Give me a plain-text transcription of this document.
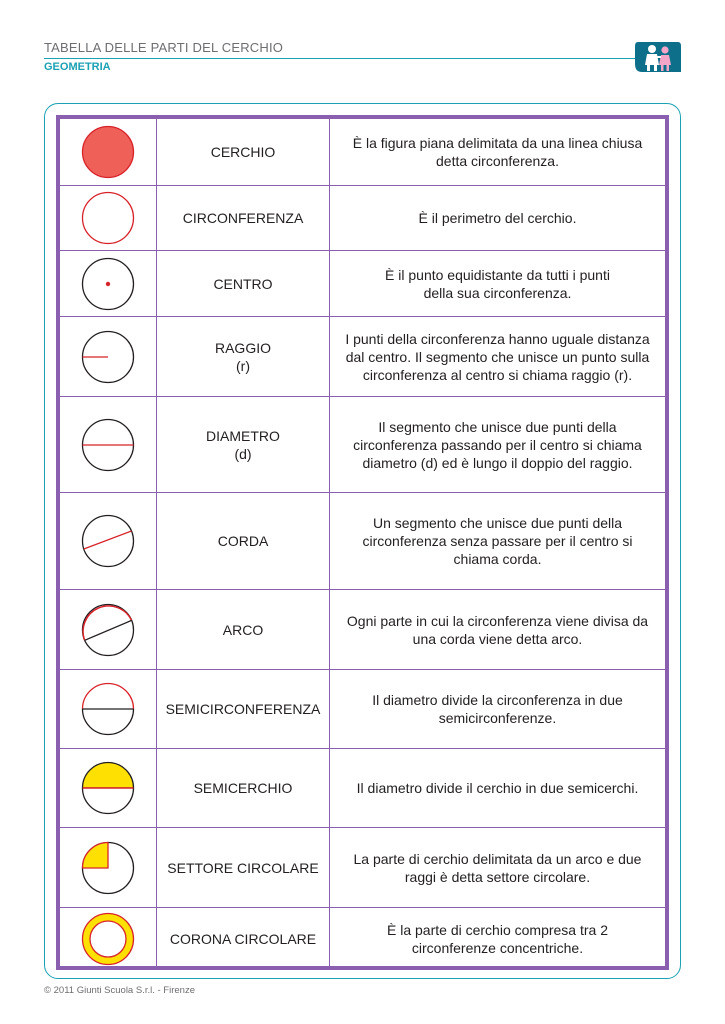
TABELLA DELLE PARTI DEL CERCHIO
GEOMETRIA
CERCHIO
È la figura piana delimitata da una linea chiusa
detta circonferenza.
CIRCONFERENZA	È il perimetro del cerchio.
CENTRO
È il punto equidistante da tutti i punti
della sua circonferenza.
RAGGIO
(r)
I punti della circonferenza hanno uguale distanza
dal centro. Il segmento che unisce un punto sulla
circonferenza al centro si chiama raggio (r).
DIAMETRO
(d)
Il segmento che unisce due punti della
circonferenza passando per il centro si chiama
diametro (d) ed è lungo il doppio del raggio.
CORDA
Un segmento che unisce due punti della
circonferenza senza passare per il centro si
chiama corda.
ARCO
Ogni parte in cui la circonferenza viene divisa da
una corda viene detta arco.
SEMICIRCONFERENZA
Il diametro divide la circonferenza in due
semicirconferenze.
SEMICERCHIO	Il diametro divide il cerchio in due semicerchi.
SETTORE CIRCOLARE
La parte di cerchio delimitata da un arco e due
raggi è detta settore circolare.
CORONA CIRCOLARE
È la parte di cerchio compresa tra 2
circonferenze concentriche.
© 2011 Giunti Scuola S.r.l. - Firenze
